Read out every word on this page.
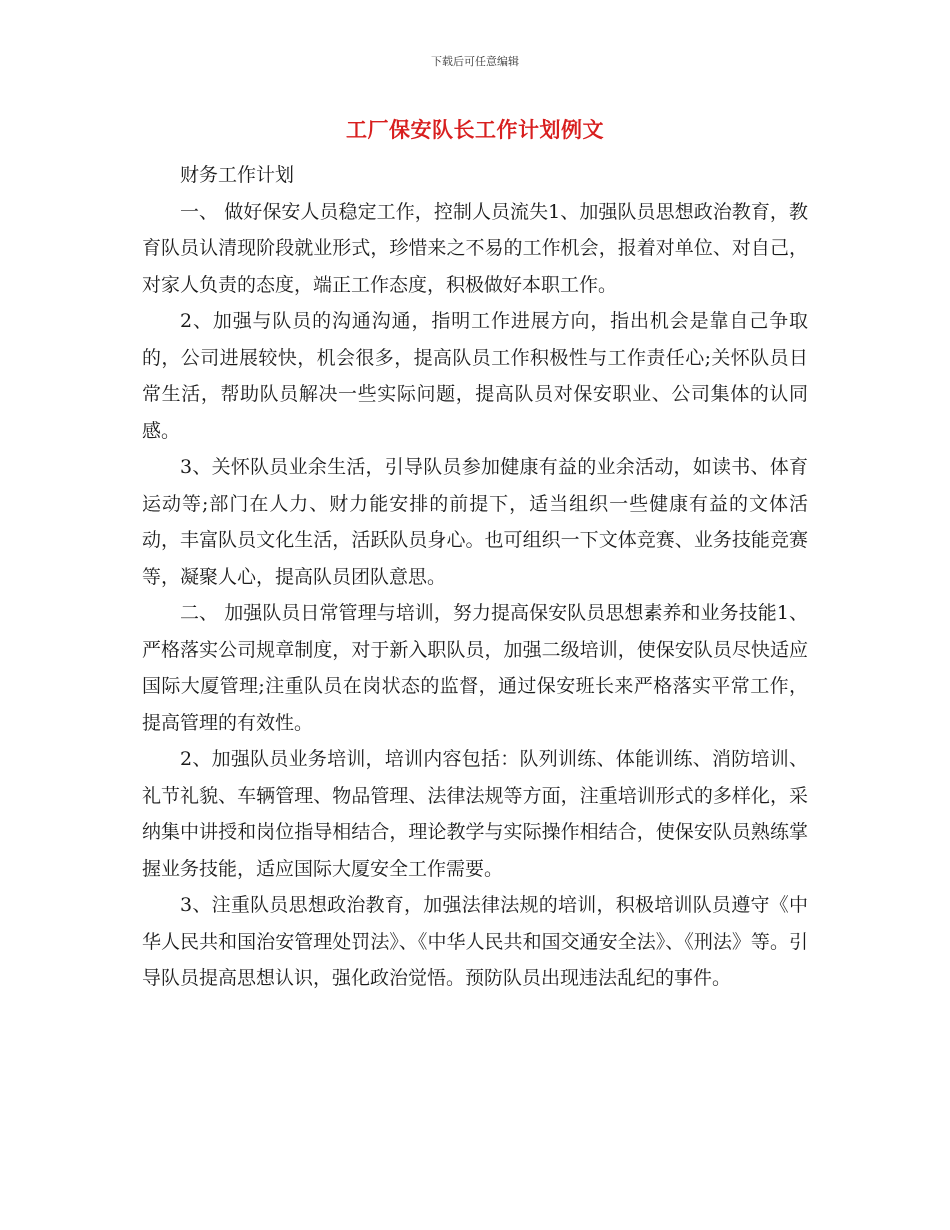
下载后可任意编辑
工厂保安队长工作计划例文

财务工作计划

一、 做好保安人员稳定工作，控制人员流失1、加强队员思想政治教育，教育队员认清现阶段就业形式，珍惜来之不易的工作机会，报着对单位、对自己，对家人负责的态度，端正工作态度，积极做好本职工作。

2、加强与队员的沟通沟通，指明工作进展方向，指出机会是靠自己争取的，公司进展较快，机会很多，提高队员工作积极性与工作责任心;关怀队员日常生活，帮助队员解决一些实际问题，提高队员对保安职业、公司集体的认同感。

3、关怀队员业余生活，引导队员参加健康有益的业余活动，如读书、体育运动等;部门在人力、财力能安排的前提下，适当组织一些健康有益的文体活动，丰富队员文化生活，活跃队员身心。也可组织一下文体竞赛、业务技能竞赛等，凝聚人心，提高队员团队意思。

二、 加强队员日常管理与培训，努力提高保安队员思想素养和业务技能1、严格落实公司规章制度，对于新入职队员，加强二级培训，使保安队员尽快适应国际大厦管理;注重队员在岗状态的监督，通过保安班长来严格落实平常工作，提高管理的有效性。

2、加强队员业务培训，培训内容包括：队列训练、体能训练、消防培训、礼节礼貌、车辆管理、物品管理、法律法规等方面，注重培训形式的多样化，采纳集中讲授和岗位指导相结合，理论教学与实际操作相结合，使保安队员熟练掌握业务技能，适应国际大厦安全工作需要。

3、注重队员思想政治教育，加强法律法规的培训，积极培训队员遵守《中华人民共和国治安管理处罚法》、《中华人民共和国交通安全法》、《刑法》等。引导队员提高思想认识，强化政治觉悟。预防队员出现违法乱纪的事件。
